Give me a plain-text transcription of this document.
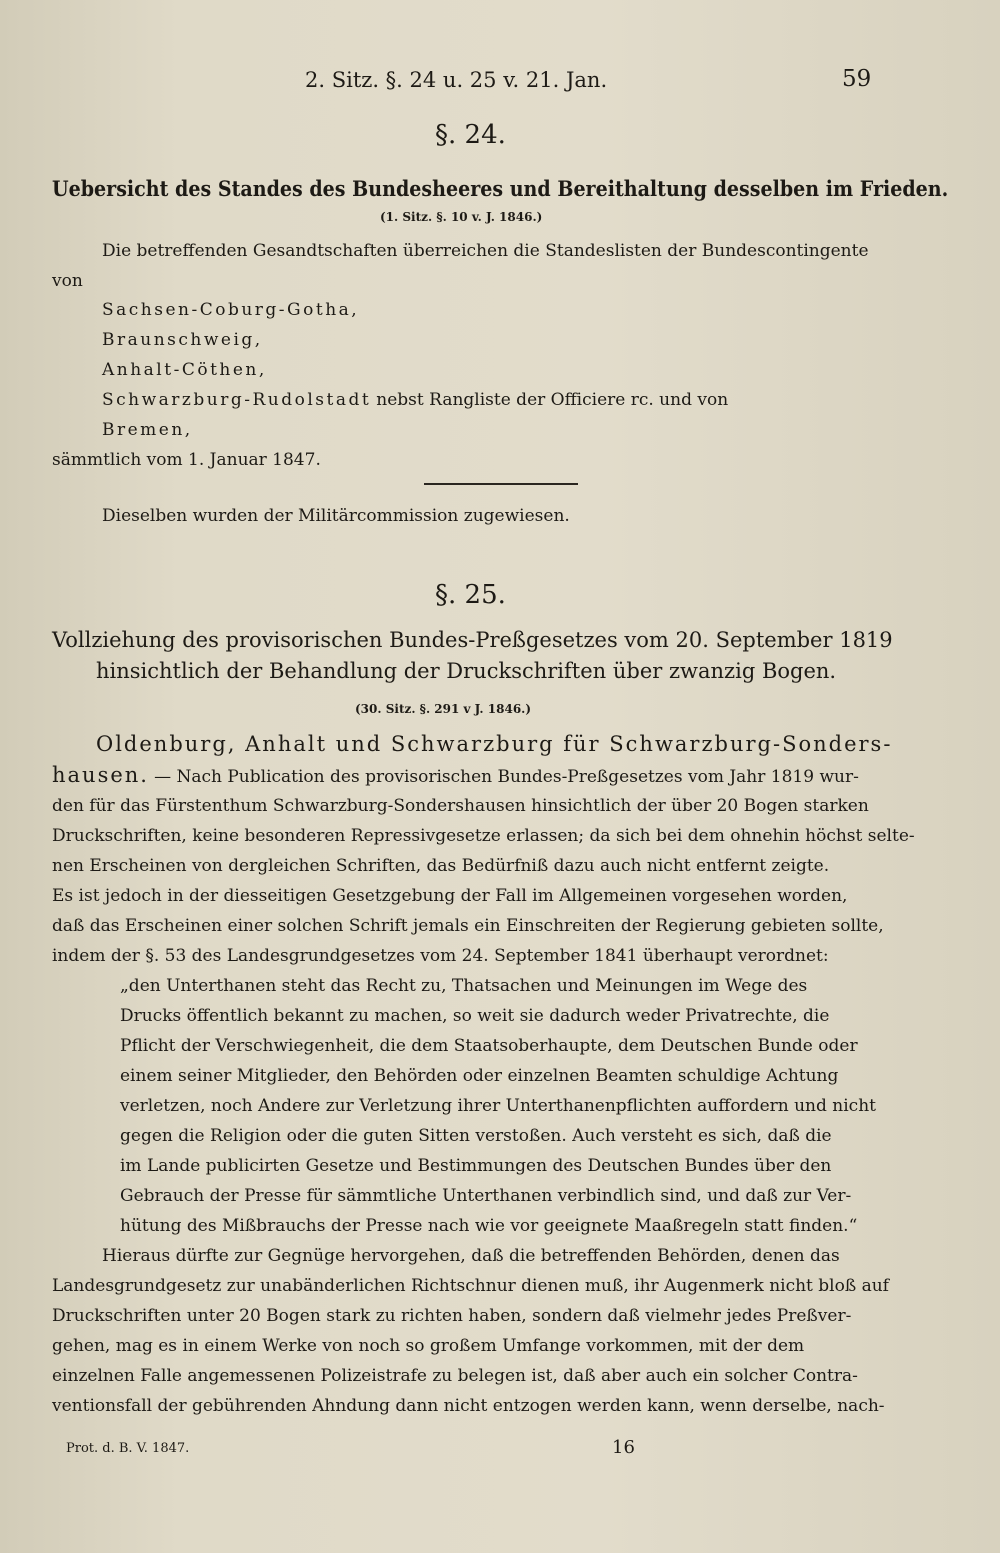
2. Sitz. §. 24 u. 25 v. 21. Jan.	59
§. 24.
Uebersicht des Standes des Bundesheeres und Bereithaltung desselben im Frieden.
(1. Sitz. §. 10 v. J. 1846.)
Die betreffenden Gesandtschaften überreichen die Standeslisten der Bundescontingente
von
Sachsen-Coburg-Gotha,
Braunschweig,
Anhalt-Cöthen,
Schwarzburg-Rudolstadt nebst Rangliste der Officiere rc. und von
Bremen,
sämmtlich vom 1. Januar 1847.
Dieselben wurden der Militärcommission zugewiesen.
§. 25.
Vollziehung des provisorischen Bundes-Preßgesetzes vom 20. September 1819
hinsichtlich der Behandlung der Druckschriften über zwanzig Bogen.
(30. Sitz. §. 291 v J. 1846.)
Oldenburg, Anhalt und Schwarzburg für Schwarzburg-Sonders-
hausen. — Nach Publication des provisorischen Bundes-Preßgesetzes vom Jahr 1819 wur-
den für das Fürstenthum Schwarzburg-Sondershausen hinsichtlich der über 20 Bogen starken
Druckschriften, keine besonderen Repressivgesetze erlassen; da sich bei dem ohnehin höchst selte-
nen Erscheinen von dergleichen Schriften, das Bedürfniß dazu auch nicht entfernt zeigte.
Es ist jedoch in der diesseitigen Gesetzgebung der Fall im Allgemeinen vorgesehen worden,
daß das Erscheinen einer solchen Schrift jemals ein Einschreiten der Regierung gebieten sollte,
indem der §. 53 des Landesgrundgesetzes vom 24. September 1841 überhaupt verordnet:
„den Unterthanen steht das Recht zu, Thatsachen und Meinungen im Wege des
Drucks öffentlich bekannt zu machen, so weit sie dadurch weder Privatrechte, die
Pflicht der Verschwiegenheit, die dem Staatsoberhaupte, dem Deutschen Bunde oder
einem seiner Mitglieder, den Behörden oder einzelnen Beamten schuldige Achtung
verletzen, noch Andere zur Verletzung ihrer Unterthanenpflichten auffordern und nicht
gegen die Religion oder die guten Sitten verstoßen. Auch versteht es sich, daß die
im Lande publicirten Gesetze und Bestimmungen des Deutschen Bundes über den
Gebrauch der Presse für sämmtliche Unterthanen verbindlich sind, und daß zur Ver-
hütung des Mißbrauchs der Presse nach wie vor geeignete Maaßregeln statt finden.“
Hieraus dürfte zur Gegnüge hervorgehen, daß die betreffenden Behörden, denen das
Landesgrundgesetz zur unabänderlichen Richtschnur dienen muß, ihr Augenmerk nicht bloß auf
Druckschriften unter 20 Bogen stark zu richten haben, sondern daß vielmehr jedes Preßver-
gehen, mag es in einem Werke von noch so großem Umfange vorkommen, mit der dem
einzelnen Falle angemessenen Polizeistrafe zu belegen ist, daß aber auch ein solcher Contra-
ventionsfall der gebührenden Ahndung dann nicht entzogen werden kann, wenn derselbe, nach-
Prot. d. B. V. 1847.	16
